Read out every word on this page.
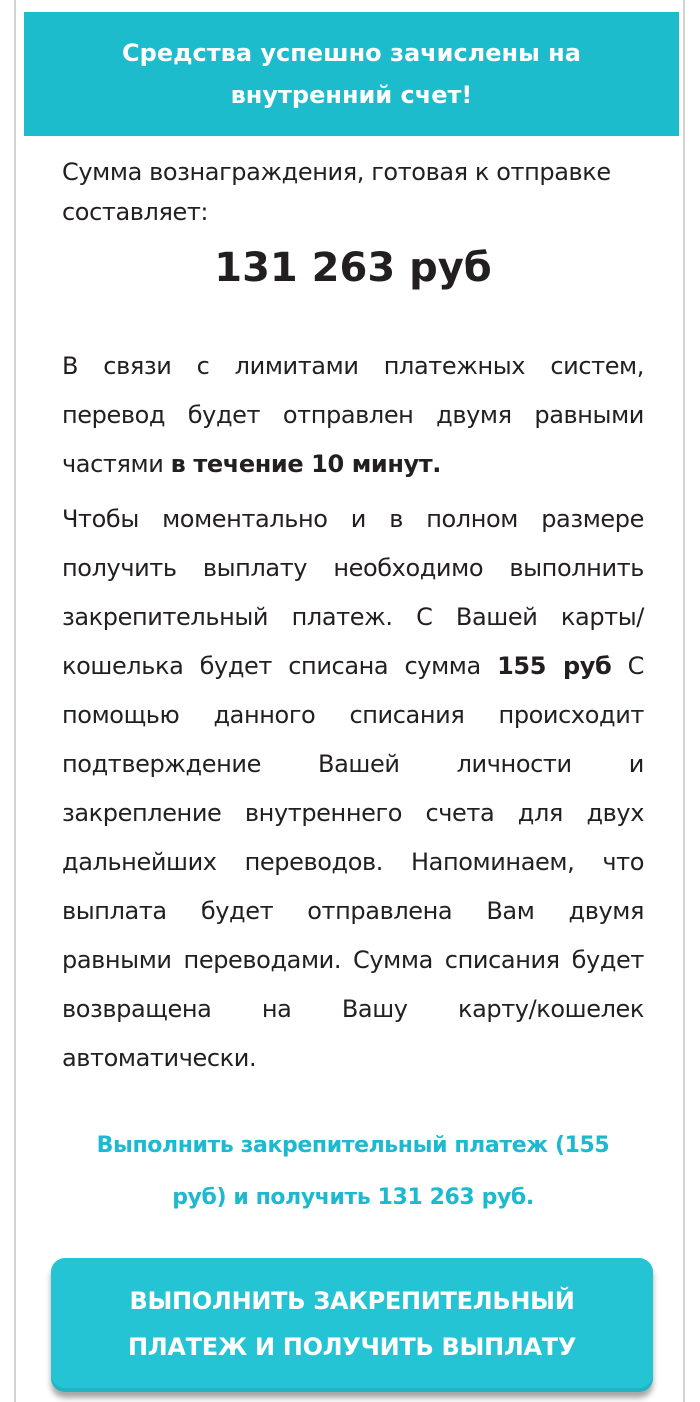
Средства успешно зачислены на
внутренний счет!

Сумма вознаграждения, готовая к отправке составляет:

131 263 руб

В связи с лимитами платежных систем, перевод будет отправлен двумя равными частями в течение 10 минут.

Чтобы моментально и в полном размере получить выплату необходимо выполнить закрепительный платеж. С Вашей карты/кошелька будет списана сумма 155 руб С помощью данного списания происходит подтверждение Вашей личности и закрепление внутреннего счета для двух дальнейших переводов. Напоминаем, что выплата будет отправлена Вам двумя равными переводами. Сумма списания будет возвращена на Вашу карту/кошелек автоматически.

Выполнить закрепительный платеж (155
руб) и получить 131 263 руб.
ВЫПОЛНИТЬ ЗАКРЕПИТЕЛЬНЫЙ
ПЛАТЕЖ И ПОЛУЧИТЬ ВЫПЛАТУ
